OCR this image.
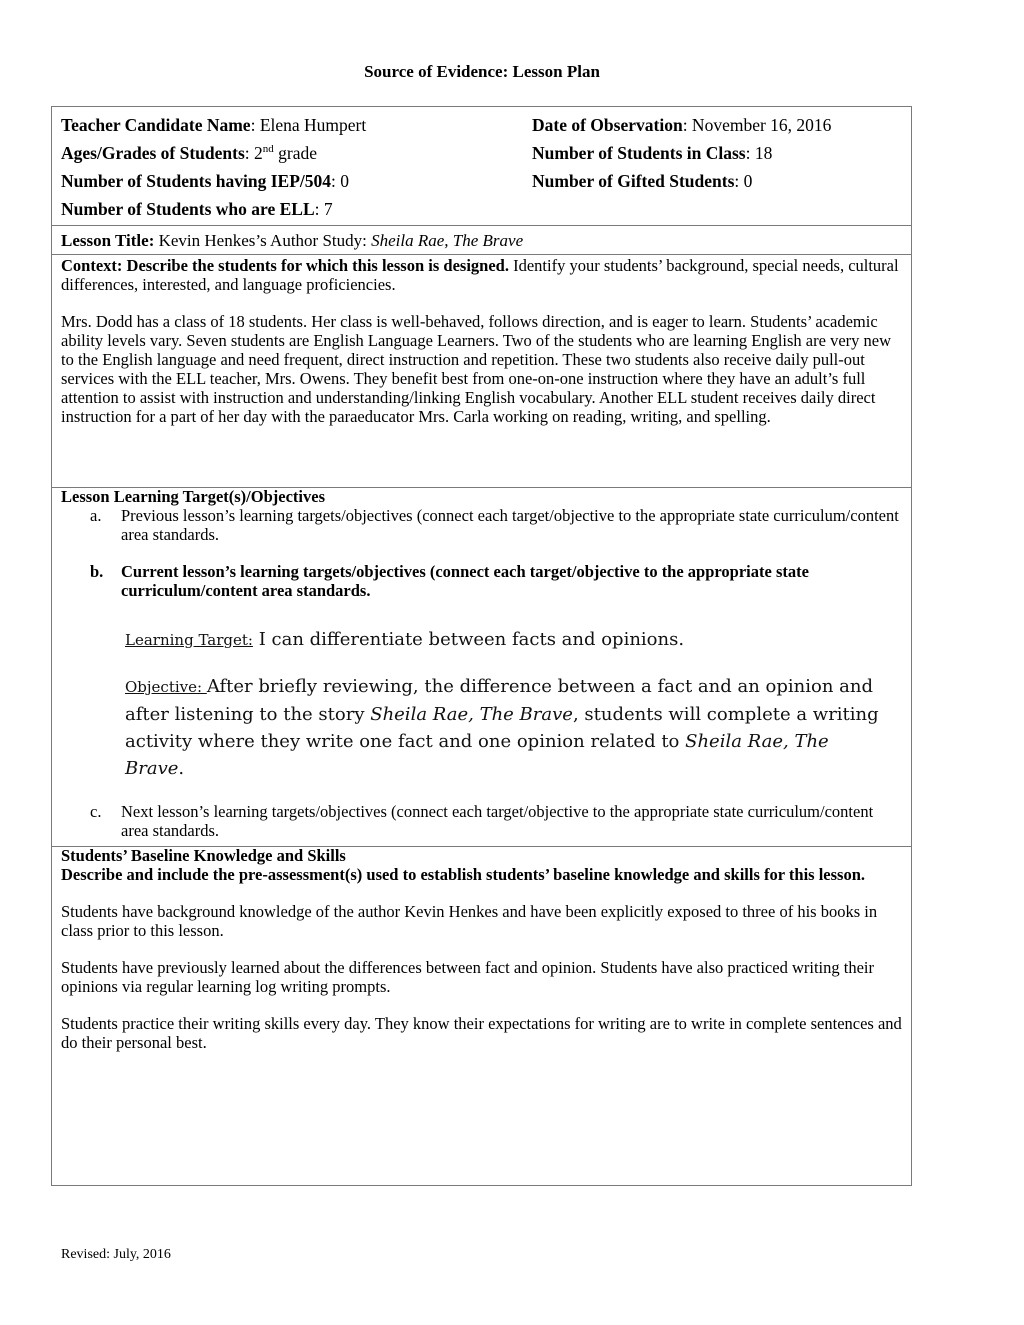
Source of Evidence: Lesson Plan
Teacher Candidate Name: Elena Humpert	Date of Observation: November 16, 2016
Ages/Grades of Students: 2nd grade	Number of Students in Class: 18
Number of Students having IEP/504: 0	Number of Gifted Students: 0
Number of Students who are ELL: 7
Lesson Title: Kevin Henkes’s Author Study: Sheila Rae, The Brave

Context: Describe the students for which this lesson is designed. Identify your students’ background, special needs, cultural differences, interested, and language proficiencies.

Mrs. Dodd has a class of 18 students. Her class is well-behaved, follows direction, and is eager to learn. Students’ academic ability levels vary. Seven students are English Language Learners. Two of the students who are learning English are very new to the English language and need frequent, direct instruction and repetition. These two students also receive daily pull-out services with the ELL teacher, Mrs. Owens. They benefit best from one-on-one instruction where they have an adult’s full attention to assist with instruction and understanding/linking English vocabulary. Another ELL student receives daily direct instruction for a part of her day with the paraeducator Mrs. Carla working on reading, writing, and spelling.

Lesson Learning Target(s)/Objectives

a. Previous lesson’s learning targets/objectives (connect each target/objective to the appropriate state curriculum/content area standards.
b. Current lesson’s learning targets/objectives (connect each target/objective to the appropriate state curriculum/content area standards.
Learning Target: I can differentiate between facts and opinions.
Objective: After briefly reviewing, the difference between a fact and an opinion and after listening to the story Sheila Rae, The Brave, students will complete a writing activity where they write one fact and one opinion related to Sheila Rae, The Brave.
c. Next lesson’s learning targets/objectives (connect each target/objective to the appropriate state curriculum/content area standards.

Students’ Baseline Knowledge and Skills

Describe and include the pre-assessment(s) used to establish students’ baseline knowledge and skills for this lesson.

Students have background knowledge of the author Kevin Henkes and have been explicitly exposed to three of his books in class prior to this lesson.

Students have previously learned about the differences between fact and opinion. Students have also practiced writing their opinions via regular learning log writing prompts.

Students practice their writing skills every day. They know their expectations for writing are to write in complete sentences and do their personal best.

Revised: July, 2016
